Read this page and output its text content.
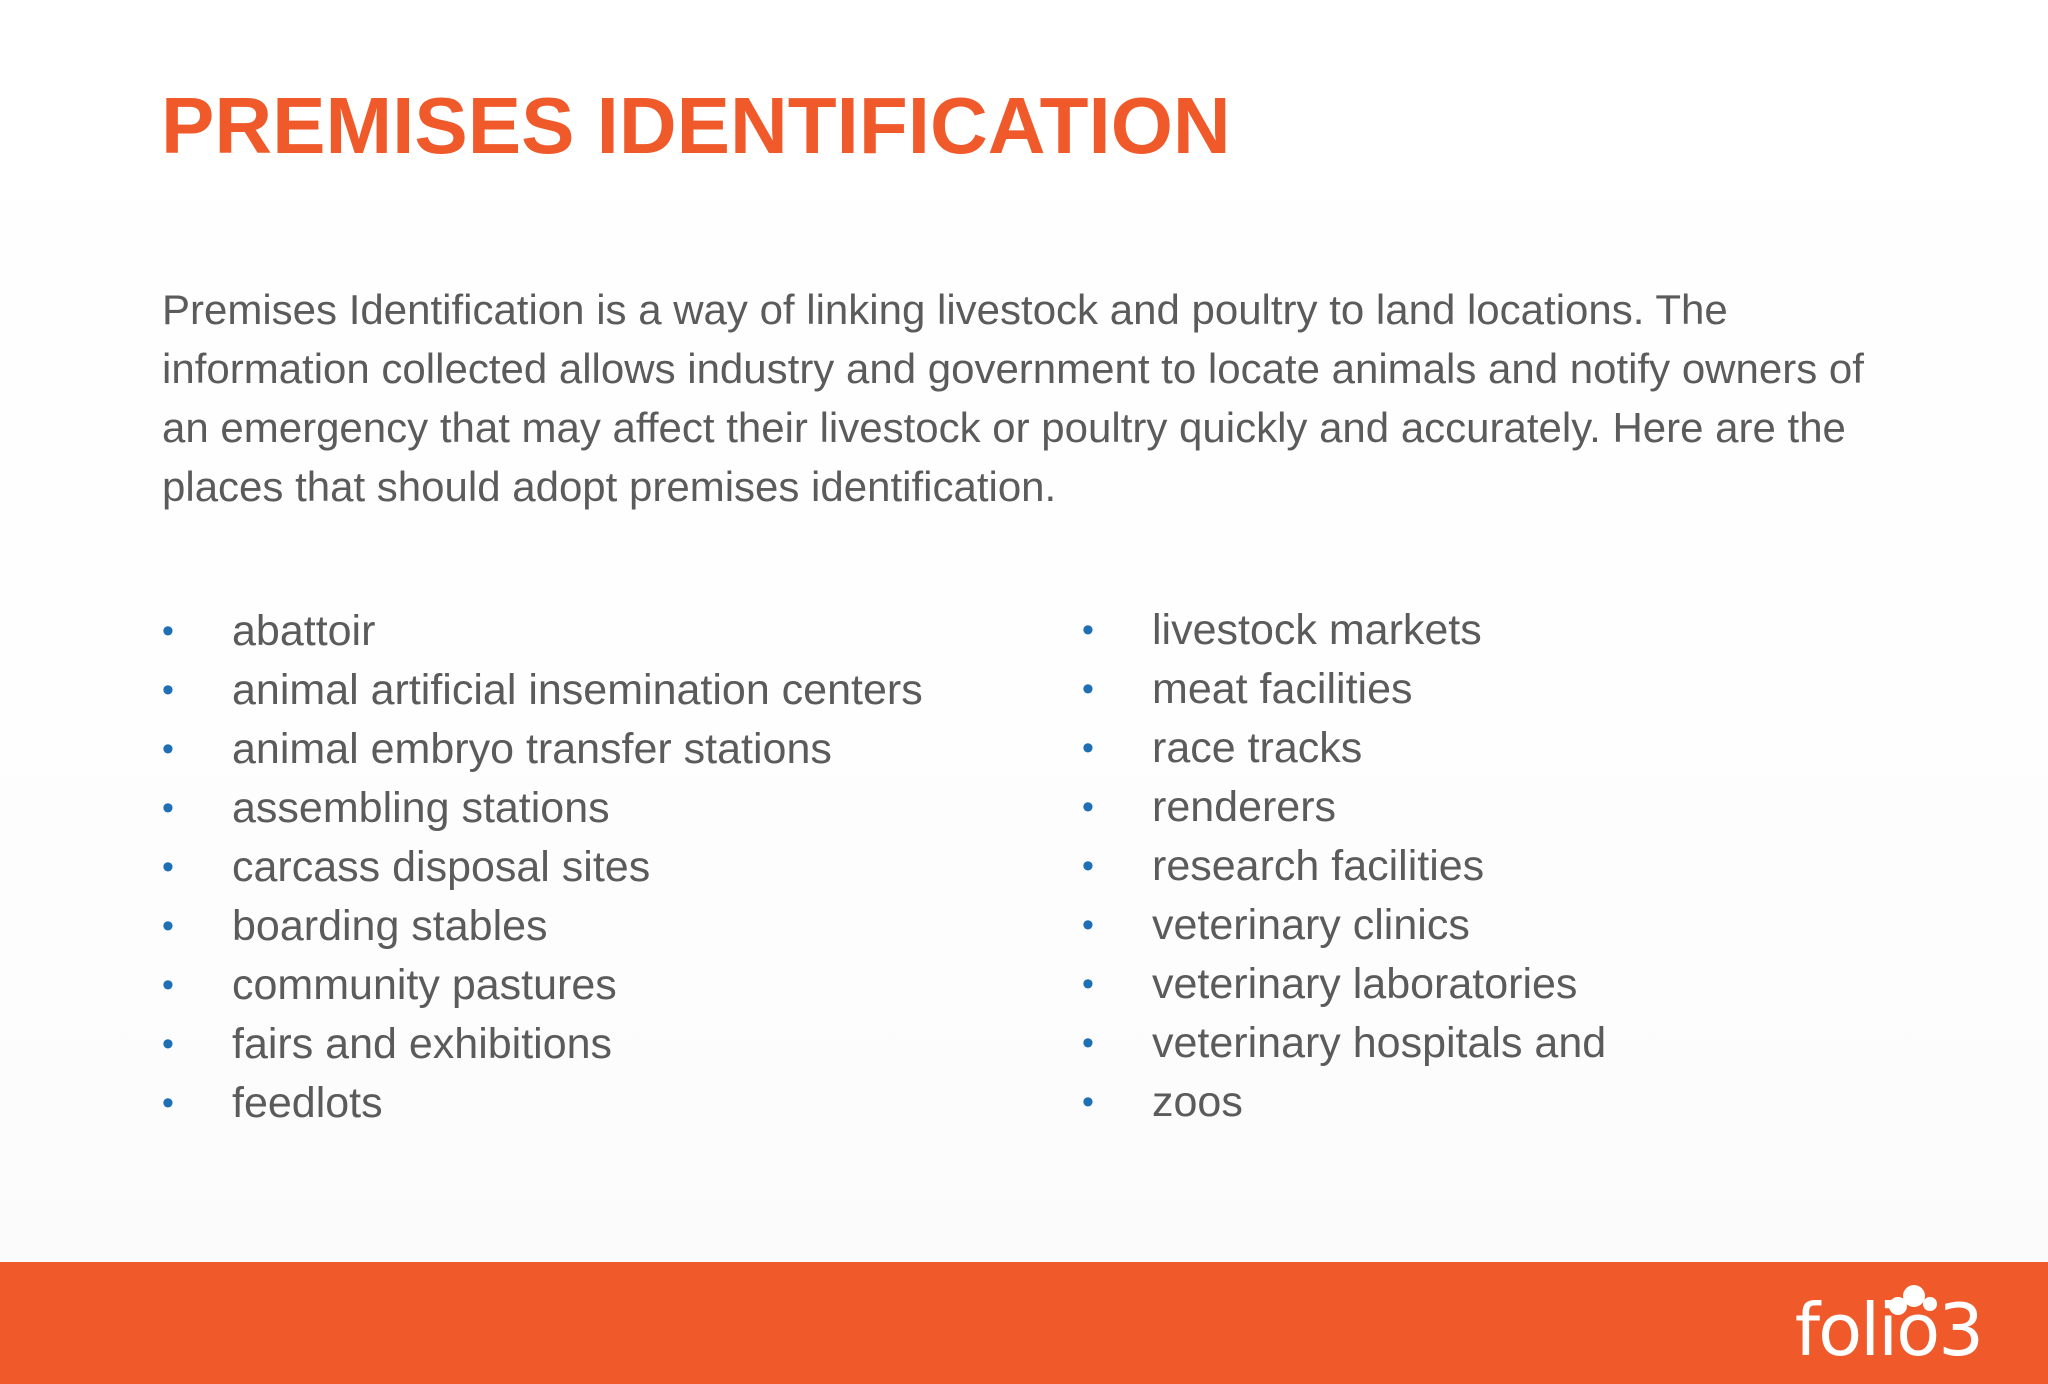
PREMISES IDENTIFICATION

Premises Identification is a way of linking livestock and poultry to land locations. The information collected allows industry and government to locate animals and notify owners of an emergency that may affect their livestock or poultry quickly and accurately. Here are the places that should adopt premises identification.

• abattoir
• animal artificial insemination centers
• animal embryo transfer stations
• assembling stations
• carcass disposal sites
• boarding stables
• community pastures
• fairs and exhibitions
• feedlots
• livestock markets
• meat facilities
• race tracks
• renderers
• research facilities
• veterinary clinics
• veterinary laboratories
• veterinary hospitals and
• zoos
folio3
